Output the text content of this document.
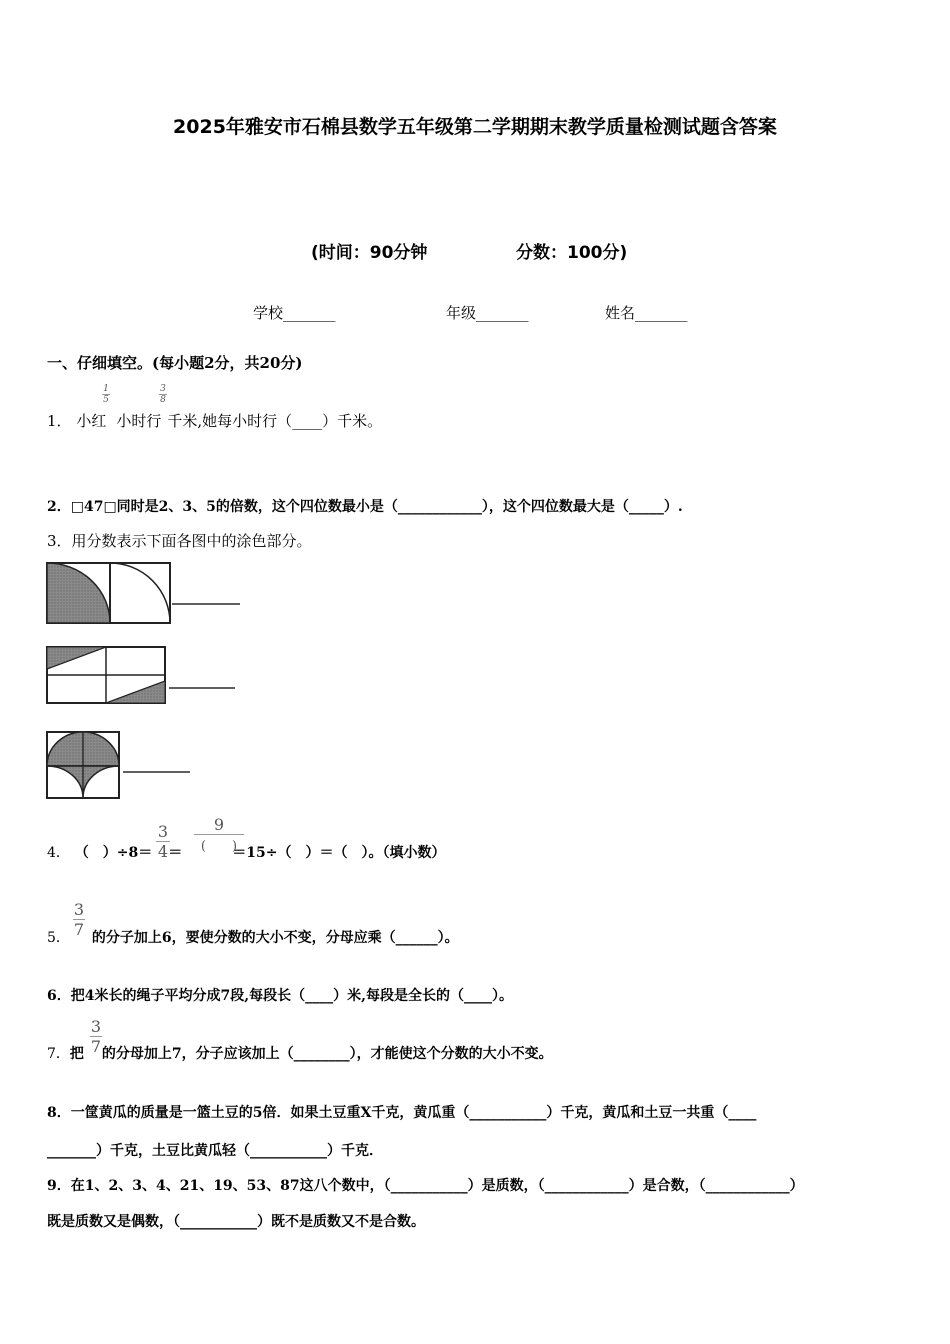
2025年雅安市石棉县数学五年级第二学期期末教学质量检测试题含答案
(时间：90分钟	分数：100分)
学校_______	年级_______	姓名_______
一、仔细填空。(每小题2分，共20分)
1． 小红 小时行 千米,她每小时行（____）千米。
$\frac{1}{5}$	$\frac{3}{8}$
2．□47□同时是2、3、5的倍数，这个四位数最小是（____________），这个四位数最大是（_____）.
3．用分数表示下面各图中的涂色部分。
4． （　）÷8＝ ＝	＝15÷（　）＝（　）。（填小数）
$\frac{3}{4}$	9
(　　)
$\frac{3}{7}$
5． 的分子加上6，要使分数的大小不变，分母应乘（______）。
6．把4米长的绳子平均分成7段,每段长（____）米,每段是全长的（____）。
$\frac{3}{7}$
7．把 的分母加上7，分子应该加上（________），才能使这个分数的大小不变。
8．一筐黄瓜的质量是一篮土豆的5倍．如果土豆重X千克，黄瓜重（___________）千克，黄瓜和土豆一共重（____
_______）千克，土豆比黄瓜轻（___________）千克．
9．在1、2、3、4、21、19、53、87这八个数中，（___________）是质数，（____________）是合数，（____________）
既是质数又是偶数，（___________）既不是质数又不是合数。
